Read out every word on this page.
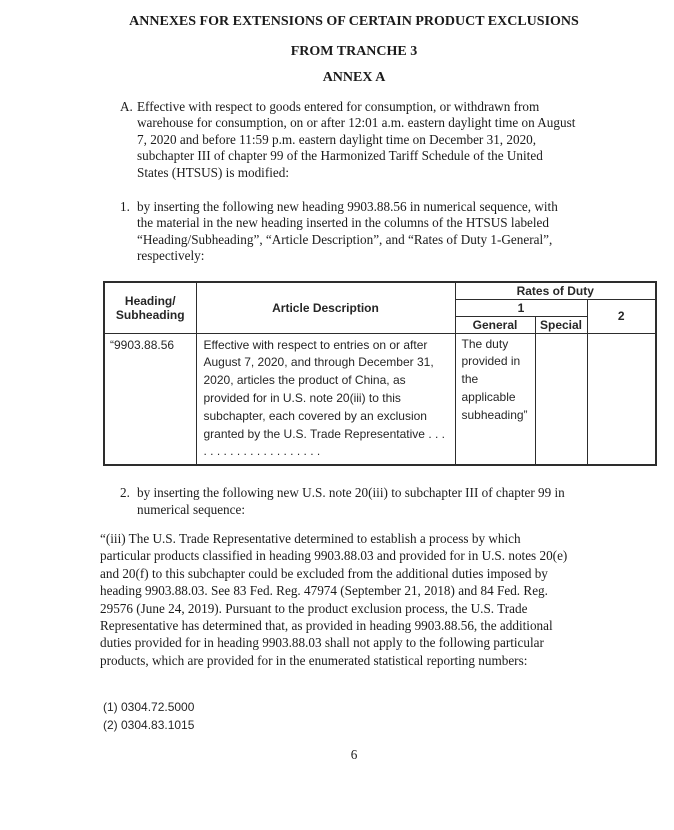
ANNEXES FOR EXTENSIONS OF CERTAIN PRODUCT EXCLUSIONS
FROM TRANCHE 3
ANNEX A
A. Effective with respect to goods entered for consumption, or withdrawn from warehouse for consumption, on or after 12:01 a.m. eastern daylight time on August 7, 2020 and before 11:59 p.m. eastern daylight time on December 31, 2020, subchapter III of chapter 99 of the Harmonized Tariff Schedule of the United States (HTSUS) is modified:
1. by inserting the following new heading 9903.88.56 in numerical sequence, with the material in the new heading inserted in the columns of the HTSUS labeled “Heading/Subheading”, “Article Description”, and “Rates of Duty 1-General”, respectively:
Heading/
Subheading	Article Description	Rates of Duty		
		1		2
		General	Special	
“9903.88.56	Effective with respect to entries on or after August 7, 2020, and through December 31, 2020, articles the product of China, as provided for in U.S. note 20(iii) to this subchapter, each covered by an exclusion granted by the U.S. Trade Representative . . . . . . . . . . . . . . . . . . . . .	The duty provided in the applicable subheading”		
2. by inserting the following new U.S. note 20(iii) to subchapter III of chapter 99 in numerical sequence:
“(iii) The U.S. Trade Representative determined to establish a process by which particular products classified in heading 9903.88.03 and provided for in U.S. notes 20(e) and 20(f) to this subchapter could be excluded from the additional duties imposed by heading 9903.88.03. See 83 Fed. Reg. 47974 (September 21, 2018) and 84 Fed. Reg. 29576 (June 24, 2019). Pursuant to the product exclusion process, the U.S. Trade Representative has determined that, as provided in heading 9903.88.56, the additional duties provided for in heading 9903.88.03 shall not apply to the following particular products, which are provided for in the enumerated statistical reporting numbers:
(1) 0304.72.5000
(2) 0304.83.1015
6
